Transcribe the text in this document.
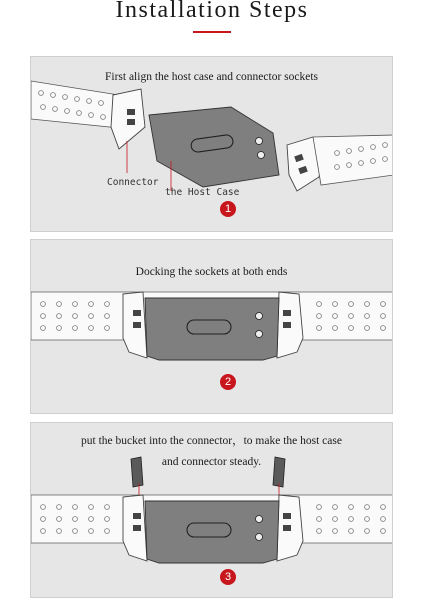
Installation Steps
First align the host case and connector sockets
Connector
the Host Case
1
Docking the sockets at both ends
2
put the bucket into the connector，to make the host case
and connector steady.
3
